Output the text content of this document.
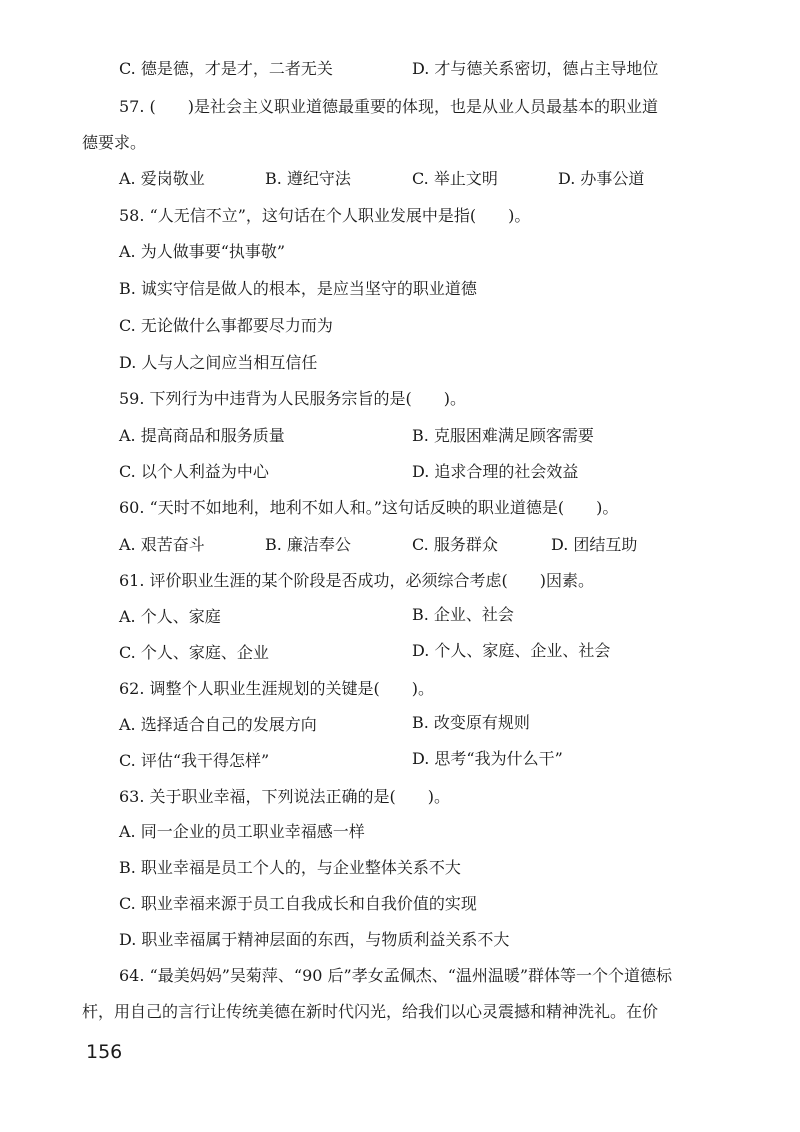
C. 德是德，才是才，二者无关	D. 才与德关系密切，德占主导地位
57. (　　)是社会主义职业道德最重要的体现，也是从业人员最基本的职业道
德要求。
A. 爱岗敬业	B. 遵纪守法	C. 举止文明	D. 办事公道
58. “人无信不立”，这句话在个人职业发展中是指(　　)。
A. 为人做事要“执事敬”
B. 诚实守信是做人的根本，是应当坚守的职业道德
C. 无论做什么事都要尽力而为
D. 人与人之间应当相互信任
59. 下列行为中违背为人民服务宗旨的是(　　)。
A. 提高商品和服务质量	B. 克服困难满足顾客需要
C. 以个人利益为中心	D. 追求合理的社会效益
60. “天时不如地利，地利不如人和。”这句话反映的职业道德是(　　)。
A. 艰苦奋斗	B. 廉洁奉公	C. 服务群众	D. 团结互助
61. 评价职业生涯的某个阶段是否成功，必须综合考虑(　　)因素。
A. 个人、家庭	B. 企业、社会
C. 个人、家庭、企业	D. 个人、家庭、企业、社会
62. 调整个人职业生涯规划的关键是(　　)。
A. 选择适合自己的发展方向	B. 改变原有规则
C. 评估“我干得怎样”	D. 思考“我为什么干”
63. 关于职业幸福，下列说法正确的是(　　)。
A. 同一企业的员工职业幸福感一样
B. 职业幸福是员工个人的，与企业整体关系不大
C. 职业幸福来源于员工自我成长和自我价值的实现
D. 职业幸福属于精神层面的东西，与物质利益关系不大
64. “最美妈妈”吴菊萍、“90 后”孝女孟佩杰、“温州温暖”群体等一个个道德标
杆，用自己的言行让传统美德在新时代闪光，给我们以心灵震撼和精神洗礼。在价
156
